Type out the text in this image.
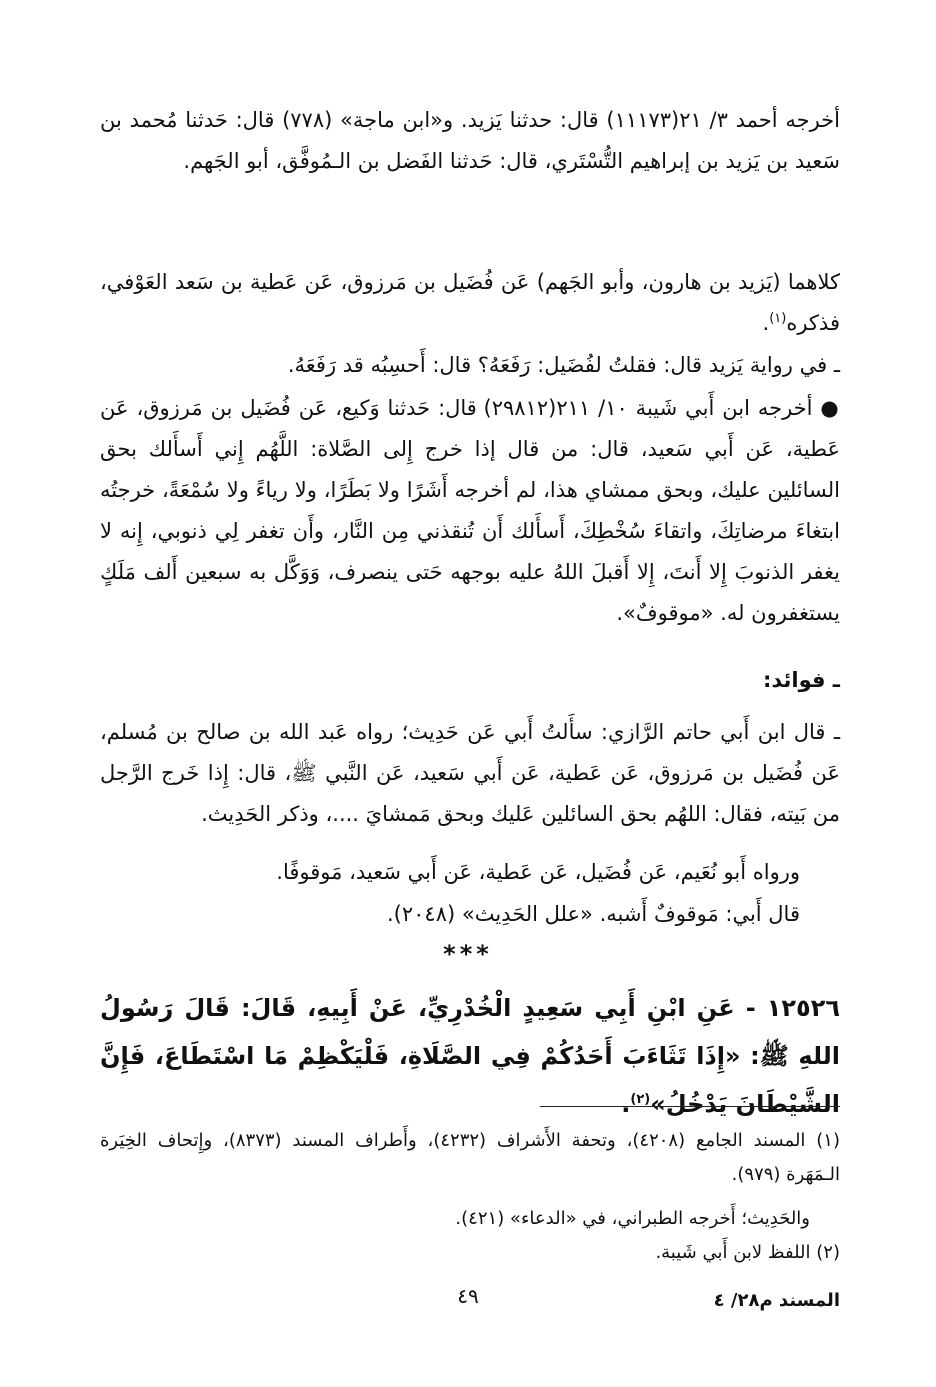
أخرجه أحمد ٣/ ٢١(١١١٧٣) قال: حدثنا يَزيد. و«ابن ماجة» (٧٧٨) قال: حَدثنا مُحمد بن سَعيد بن يَزيد بن إبراهيم التُّسْتَري، قال: حَدثنا الفَضل بن الـمُوفَّق، أبو الجَهم.
كلاهما (يَزيد بن هارون، وأبو الجَهم) عَن فُضَيل بن مَرزوق، عَن عَطية بن سَعد العَوْفي، فذكره$^{(١)}$.
ـ في رواية يَزيد قال: فقلتُ لفُضَيل: رَفَعَهُ؟ قال: أَحسِبُه قد رَفَعَهُ.
● أخرجه ابن أَبي شَيبة ١٠/ ٢١١(٢٩٨١٢) قال: حَدثنا وَكيع، عَن فُضَيل بن مَرزوق، عَن عَطية، عَن أَبي سَعيد، قال: من قال إذا خرج إِلى الصَّلاة: اللَّهُم إِني أَسأَلك بحق السائلين عليك، وبحق ممشاي هذا، لم أخرجه أَشَرًا ولا بَطَرًا، ولا رياءً ولا سُمْعَةً، خرجتُه ابتغاءَ مرضاتِكَ، واتقاءَ سُخْطِكَ، أَسأَلك أَن تُنقذني مِن النَّار، وأَن تغفر لِي ذنوبي، إِنه لا يغفر الذنوبَ إِلا أَنتَ، إِلا أَقبلَ اللهُ عليه بوجهه حَتى ينصرف، وَوَكَّل به سبعين أَلف مَلَكٍ يستغفرون له. «موقوفٌ».
ـ فوائد:
ـ قال ابن أَبي حاتم الرَّازي: سأَلتُ أَبي عَن حَدِيث؛ رواه عَبد الله بن صالح بن مُسلم، عَن فُضَيل بن مَرزوق، عَن عَطية، عَن أَبي سَعيد، عَن النَّبي ﷺ، قال: إِذا خَرج الرَّجل من بَيته، فقال: اللهُم بحق السائلين عَليك وبحق مَمشايَ ....، وذكر الحَدِيث.
ورواه أَبو نُعَيم، عَن فُضَيل، عَن عَطية، عَن أَبي سَعيد، مَوقوفًا.
قال أَبي: مَوقوفٌ أَشبه. «علل الحَدِيث» (٢٠٤٨).
***
١٢٥٢٦ - عَنِ ابْنِ أَبِي سَعِيدٍ الْخُدْرِيِّ، عَنْ أَبِيهِ، قَالَ: قَالَ رَسُولُ اللهِ ﷺ: «إِذَا تَثَاءَبَ أَحَدُكُمْ فِي الصَّلَاةِ، فَلْيَكْظِمْ مَا اسْتَطَاعَ، فَإِنَّ الشَّيْطَانَ يَدْخُلُ»$^{(٢)}$.
(١) المسند الجامع (٤٢٠٨)، وتحفة الأَشراف (٤٢٣٢)، وأَطراف المسند (٨٣٧٣)، وإِتحاف الخِيَرة الـمَهَرة (٩٧٩).
والحَدِيث؛ أَخرجه الطبراني، في «الدعاء» (٤٢١).
(٢) اللفظ لابن أَبي شَيبة.
٤٩	المسند م٢٨/ ٤
